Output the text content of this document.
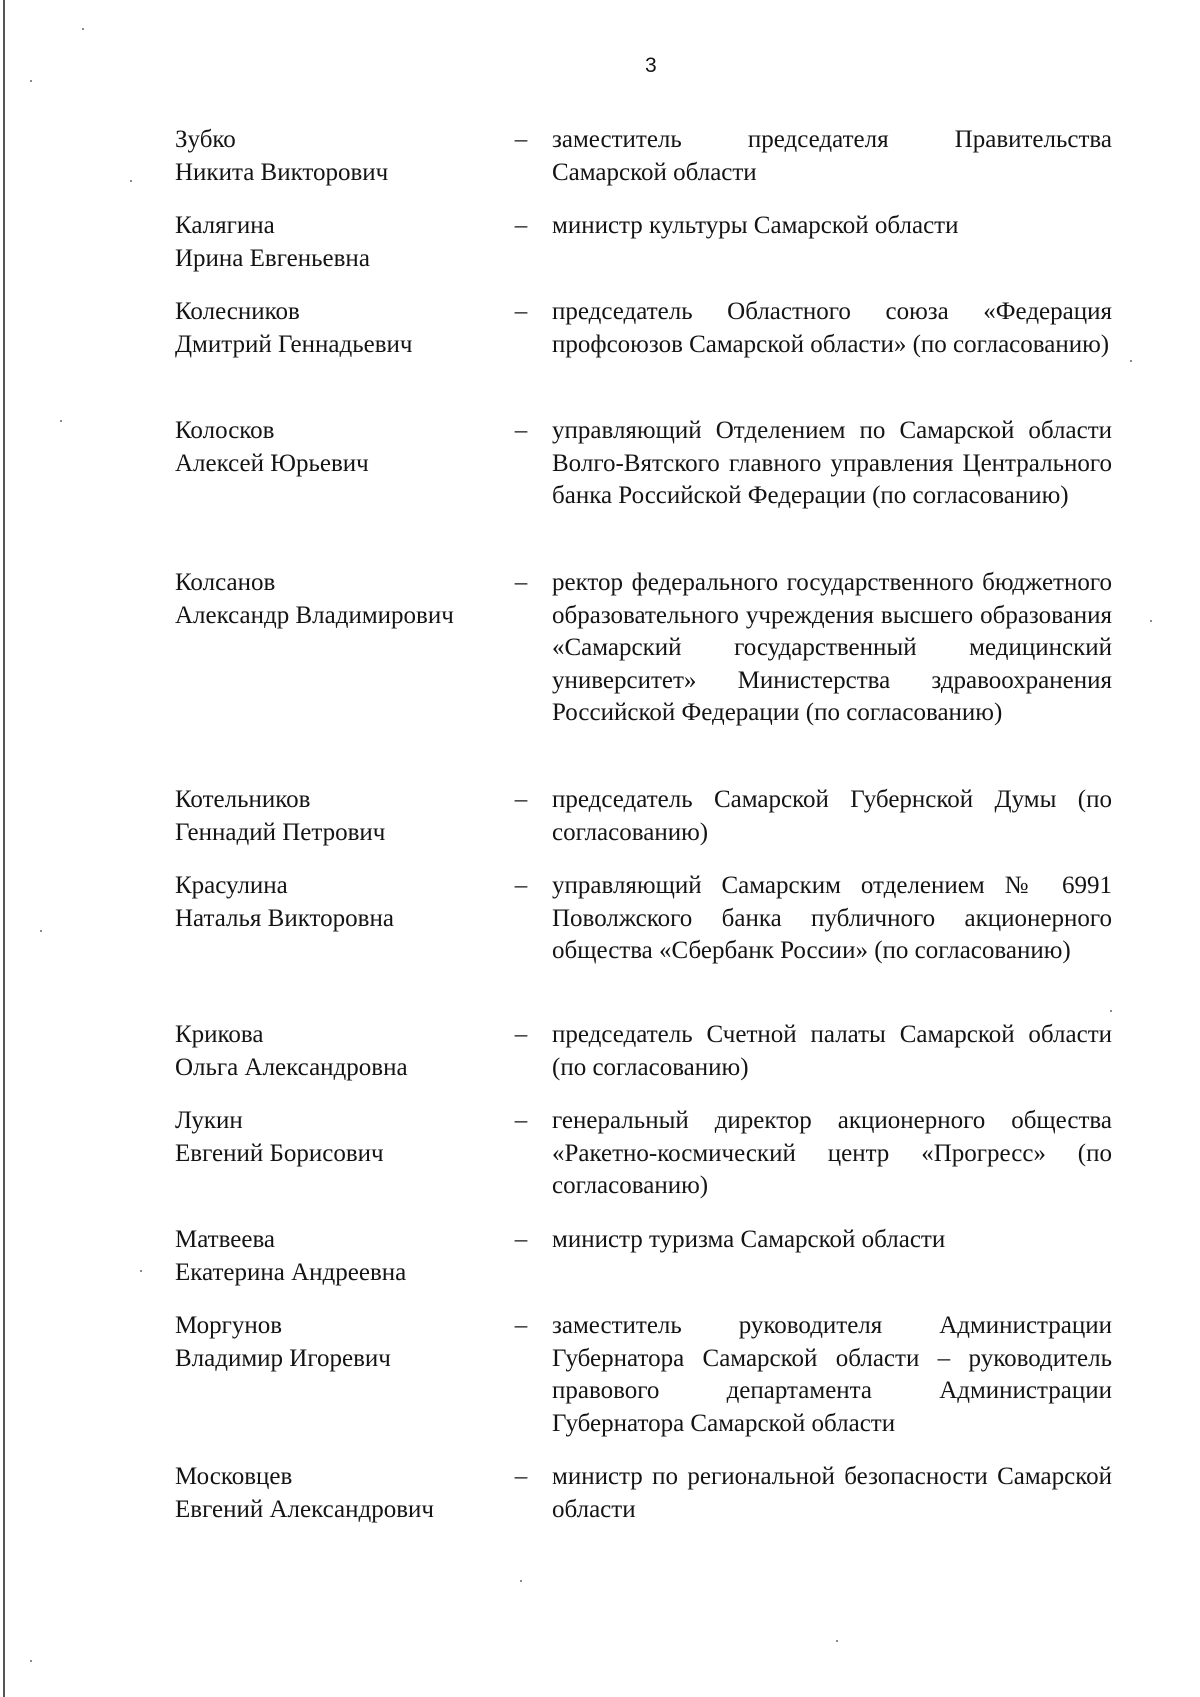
3
Зубко
Никита Викторович
– заместитель председателя Правительства Самарской области
Калягина
Ирина Евгеньевна
– министр культуры Самарской области
Колесников
Дмитрий Геннадьевич
– председатель Областного союза «Федерация профсоюзов Самарской области» (по согласованию)
Колосков
Алексей Юрьевич
– управляющий Отделением по Самарской области Волго-Вятского главного управления Центрального банка Российской Федерации (по согласованию)
Колсанов
Александр Владимирович
– ректор федерального государственного бюджетного образовательного учреждения высшего образования «Самарский государственный медицинский университет» Министерства здравоохранения Российской Федерации (по согласованию)
Котельников
Геннадий Петрович
– председатель Самарской Губернской Думы (по согласованию)
Красулина
Наталья Викторовна
– управляющий Самарским отделением № 6991 Поволжского банка публичного акционерного общества «Сбербанк России» (по согласованию)
Крикова
Ольга Александровна
– председатель Счетной палаты Самарской области (по согласованию)
Лукин
Евгений Борисович
– генеральный директор акционерного общества «Ракетно-космический центр «Прогресс» (по согласованию)
Матвеева
Екатерина Андреевна
– министр туризма Самарской области
Моргунов
Владимир Игоревич
– заместитель руководителя Администрации Губернатора Самарской области – руководитель правового департамента Администрации Губернатора Самарской области
Московцев
Евгений Александрович
– министр по региональной безопасности Самарской области
